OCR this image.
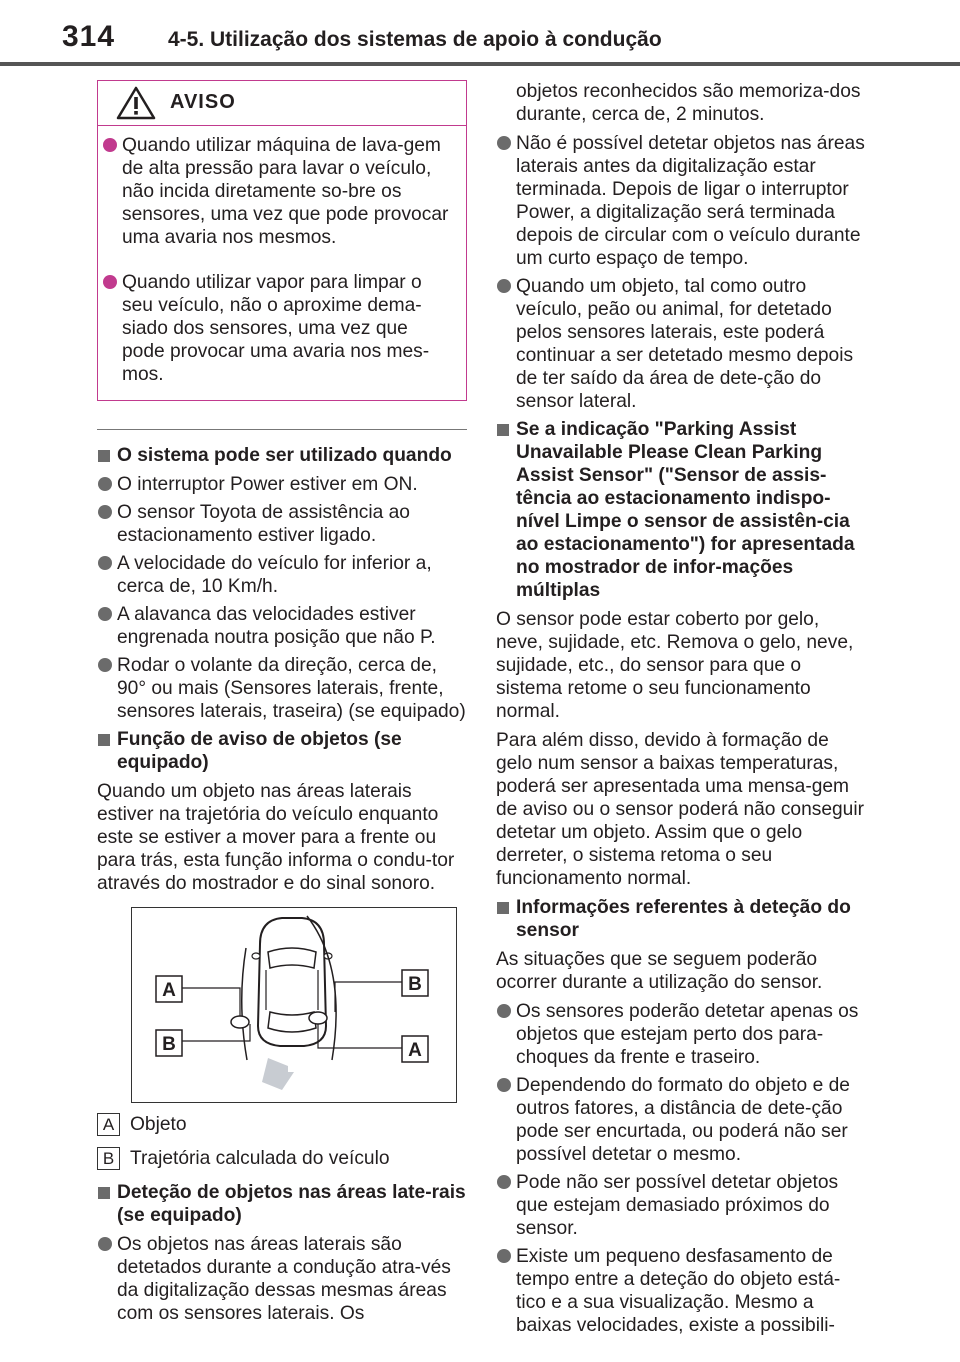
314	4-5. Utilização dos sistemas de apoio à condução
AVISO

Quando utilizar máquina de lava-gem de alta pressão para lavar o veículo, não incida diretamente so-bre os sensores, uma vez que pode provocar uma avaria nos mesmos.

Quando utilizar vapor para limpar o seu veículo, não o aproxime dema-siado dos sensores, uma vez que pode provocar uma avaria nos mes-mos.

O sistema pode ser utilizado quando

O interruptor Power estiver em ON.

O sensor Toyota de assistência ao estacionamento estiver ligado.

A velocidade do veículo for inferior a, cerca de, 10 Km/h.

A alavanca das velocidades estiver engrenada noutra posição que não P.

Rodar o volante da direção, cerca de, 90° ou mais (Sensores laterais, frente, sensores laterais, traseira) (se equipado)

Função de aviso de objetos (se equipado)

Quando um objeto nas áreas laterais estiver na trajetória do veículo enquanto este se estiver a mover para a frente ou para trás, esta função informa o condu-tor através do mostrador e do sinal sonoro.

A
B
B
A
A Objeto
B Trajetória calculada do veículo

Deteção de objetos nas áreas late-rais (se equipado)

Os objetos nas áreas laterais são detetados durante a condução atra-vés da digitalização dessas mesmas áreas com os sensores laterais. Os

objetos reconhecidos são memoriza-dos durante, cerca de, 2 minutos.

Não é possível detetar objetos nas áreas laterais antes da digitalização estar terminada. Depois de ligar o interruptor Power, a digitalização será terminada depois de circular com o veículo durante um curto espaço de tempo.

Quando um objeto, tal como outro veículo, peão ou animal, for detetado pelos sensores laterais, este poderá continuar a ser detetado mesmo depois de ter saído da área de dete-ção do sensor lateral.

Se a indicação "Parking Assist Unavailable Please Clean Parking Assist Sensor" ("Sensor de assis-tência ao estacionamento indispo-nível Limpe o sensor de assistên-cia ao estacionamento") for apresentada no mostrador de infor-mações múltiplas

O sensor pode estar coberto por gelo, neve, sujidade, etc. Remova o gelo, neve, sujidade, etc., do sensor para que o sistema retome o seu funcionamento normal.

Para além disso, devido à formação de gelo num sensor a baixas temperaturas, poderá ser apresentada uma mensa-gem de aviso ou o sensor poderá não conseguir detetar um objeto. Assim que o gelo derreter, o sistema retoma o seu funcionamento normal.

Informações referentes à deteção do sensor

As situações que se seguem poderão ocorrer durante a utilização do sensor.

Os sensores poderão detetar apenas os objetos que estejam perto dos para-choques da frente e traseiro.

Dependendo do formato do objeto e de outros fatores, a distância de dete-ção pode ser encurtada, ou poderá não ser possível detetar o mesmo.

Pode não ser possível detetar objetos que estejam demasiado próximos do sensor.

Existe um pequeno desfasamento de tempo entre a deteção do objeto está-tico e a sua visualização. Mesmo a baixas velocidades, existe a possibili-
